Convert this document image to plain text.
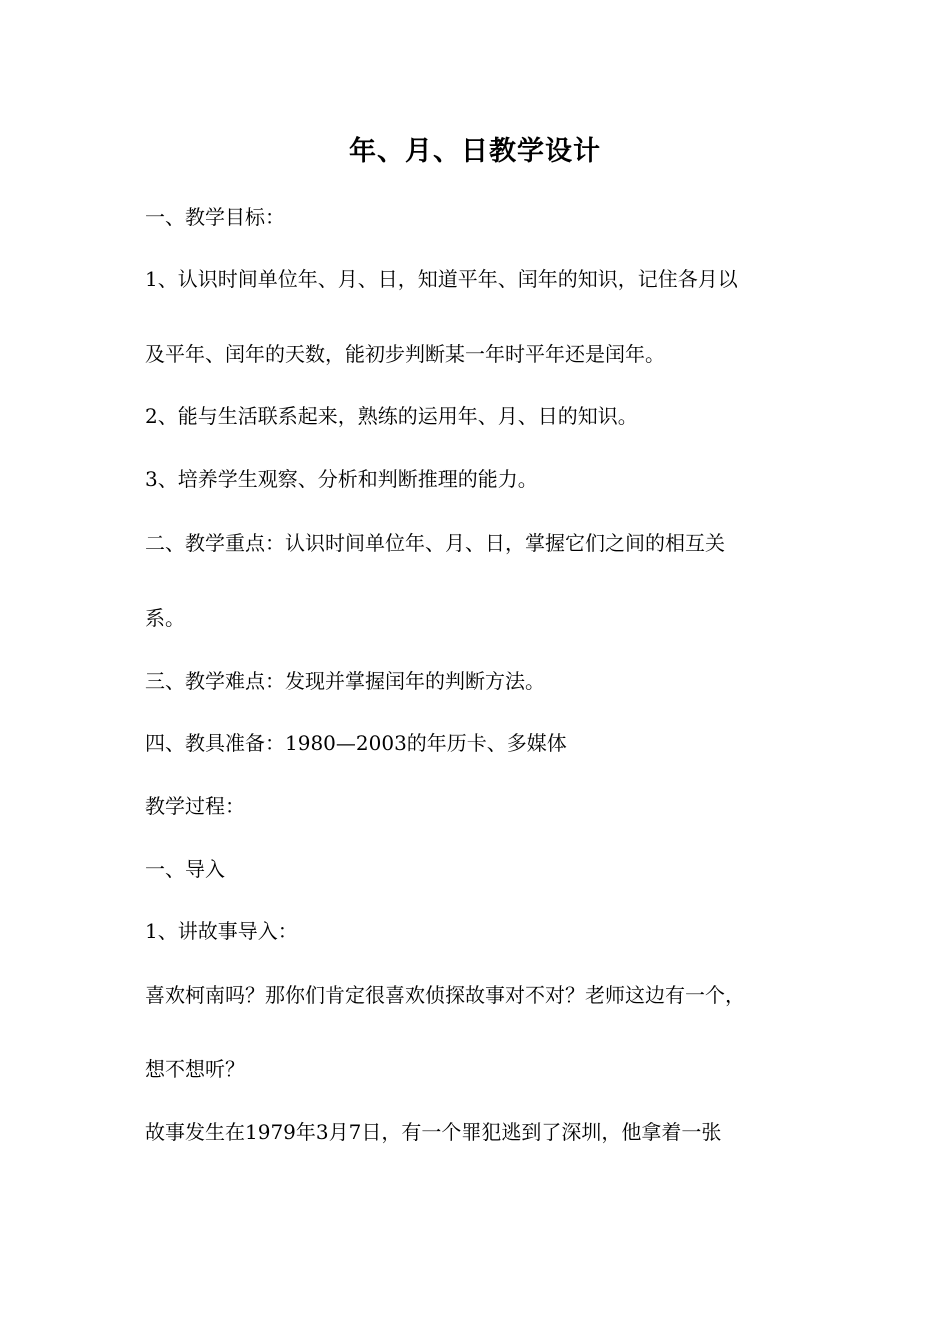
年、月、日教学设计
一、教学目标：
1、认识时间单位年、月、日，知道平年、闰年的知识，记住各月以
及平年、闰年的天数，能初步判断某一年时平年还是闰年。
2、能与生活联系起来，熟练的运用年、月、日的知识。
3、培养学生观察、分析和判断推理的能力。
二、教学重点：认识时间单位年、月、日，掌握它们之间的相互关
系。
三、教学难点：发现并掌握闰年的判断方法。
四、教具准备：1980—2003的年历卡、多媒体
教学过程：
一、导入
1、讲故事导入：
喜欢柯南吗？那你们肯定很喜欢侦探故事对不对？老师这边有一个，
想不想听？
故事发生在1979年3月7日，有一个罪犯逃到了深圳，他拿着一张
